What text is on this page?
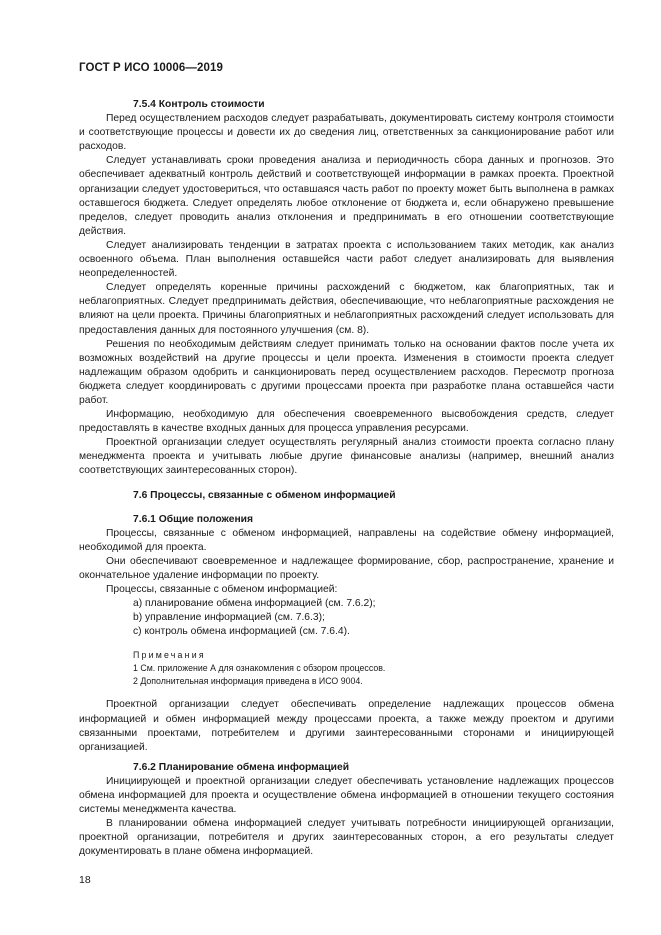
ГОСТ Р ИСО 10006—2019

7.5.4 Контроль стоимости

Перед осуществлением расходов следует разрабатывать, документировать систему контроля стоимости и соответствующие процессы и довести их до сведения лиц, ответственных за санкционирование работ или расходов.

Следует устанавливать сроки проведения анализа и периодичность сбора данных и прогнозов. Это обеспечивает адекватный контроль действий и соответствующей информации в рамках проекта. Проектной организации следует удостовериться, что оставшаяся часть работ по проекту может быть выполнена в рамках оставшегося бюджета. Следует определять любое отклонение от бюджета и, если обнаружено превышение пределов, следует проводить анализ отклонения и предпринимать в его отношении соответствующие действия.

Следует анализировать тенденции в затратах проекта с использованием таких методик, как анализ освоенного объема. План выполнения оставшейся части работ следует анализировать для выявления неопределенностей.

Следует определять коренные причины расхождений с бюджетом, как благоприятных, так и неблагоприятных. Следует предпринимать действия, обеспечивающие, что неблагоприятные расхождения не влияют на цели проекта. Причины благоприятных и неблагоприятных расхождений следует использовать для предоставления данных для постоянного улучшения (см. 8).

Решения по необходимым действиям следует принимать только на основании фактов после учета их возможных воздействий на другие процессы и цели проекта. Изменения в стоимости проекта следует надлежащим образом одобрить и санкционировать перед осуществлением расходов. Пересмотр прогноза бюджета следует координировать с другими процессами проекта при разработке плана оставшейся части работ.

Информацию, необходимую для обеспечения своевременного высвобождения средств, следует предоставлять в качестве входных данных для процесса управления ресурсами.

Проектной организации следует осуществлять регулярный анализ стоимости проекта согласно плану менеджмента проекта и учитывать любые другие финансовые анализы (например, внешний анализ соответствующих заинтересованных сторон).

7.6 Процессы, связанные с обменом информацией

7.6.1 Общие положения

Процессы, связанные с обменом информацией, направлены на содействие обмену информацией, необходимой для проекта.

Они обеспечивают своевременное и надлежащее формирование, сбор, распространение, хранение и окончательное удаление информации по проекту.

Процессы, связанные с обменом информацией:

a) планирование обмена информацией (см. 7.6.2);

b) управление информацией (см. 7.6.3);

c) контроль обмена информацией (см. 7.6.4).

Примечания

1 См. приложение А для ознакомления с обзором процессов.

2 Дополнительная информация приведена в ИСО 9004.

Проектной организации следует обеспечивать определение надлежащих процессов обмена информацией и обмен информацией между процессами проекта, а также между проектом и другими связанными проектами, потребителем и другими заинтересованными сторонами и инициирующей организацией.

7.6.2 Планирование обмена информацией

Инициирующей и проектной организации следует обеспечивать установление надлежащих процессов обмена информацией для проекта и осуществление обмена информацией в отношении текущего состояния системы менеджмента качества.

В планировании обмена информацией следует учитывать потребности инициирующей организации, проектной организации, потребителя и других заинтересованных сторон, а его результаты следует документировать в плане обмена информацией.

18
